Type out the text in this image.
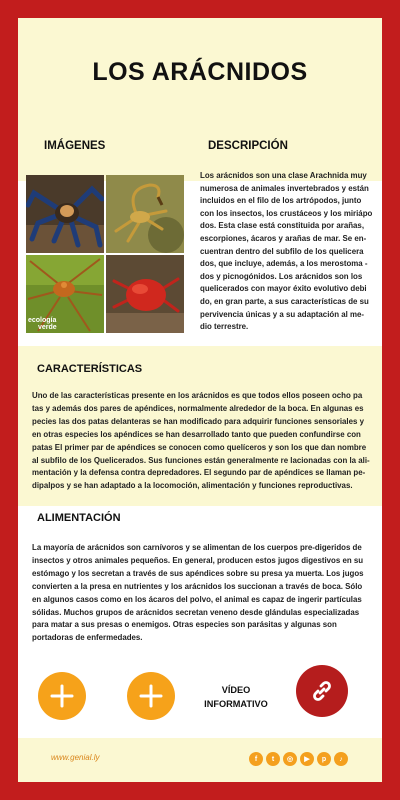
LOS ARÁCNIDOS
IMÁGENES	DESCRIPCIÓN
ecología
verde
Los arácnidos son una clase Arachnida muy
numerosa de animales invertebrados y están
incluidos en el filo de los artrópodos, junto
con los insectos, los crustáceos y los miriápo
dos. Esta clase está constituida por arañas,
escorpiones, ácaros y arañas de mar. Se en-
cuentran dentro del subfilo de los quelicera
dos, que incluye, además, a los merostoma -
dos y picnogónidos. Los arácnidos son los
quelicerados con mayor éxito evolutivo debi
do, en gran parte, a sus características de su
pervivencia únicas y a su adaptación al me-
dio terrestre.
CARACTERÍSTICAS
Uno de las características presente en los arácnidos es que todos ellos poseen ocho pa
tas y además dos pares de apéndices, normalmente alrededor de la boca. En algunas es
pecies las dos patas delanteras se han modificado para adquirir funciones sensoriales y
en otras especies los apéndices se han desarrollado tanto que pueden confundirse con
patas El primer par de apéndices se conocen como quelíceros y son los que dan nombre
al subfilo de los Quelicerados. Sus funciones están generalmente re lacionadas con la ali-
mentación y la defensa contra depredadores. El segundo par de apéndices se llaman pe-
dipalpos y se han adaptado a la locomoción, alimentación y funciones reproductivas.
ALIMENTACIÓN
La mayoría de arácnidos son carnívoros y se alimentan de los cuerpos pre-digeridos de
insectos y otros animales pequeños. En general, producen estos jugos digestivos en su
estómago y los secretan a través de sus apéndices sobre su presa ya muerta. Los jugos
convierten a la presa en nutrientes y los arácnidos los succionan a través de boca. Sólo
en algunos casos como en los ácaros del polvo, el animal es capaz de ingerir partículas
sólidas. Muchos grupos de arácnidos secretan veneno desde glándulas especializadas
para matar a sus presas o enemigos. Otras especies son parásitas y algunas son
portadoras de enfermedades.
VÍDEO
INFORMATIVO
www.genial.ly	f	t	◎	▶	p	♪
